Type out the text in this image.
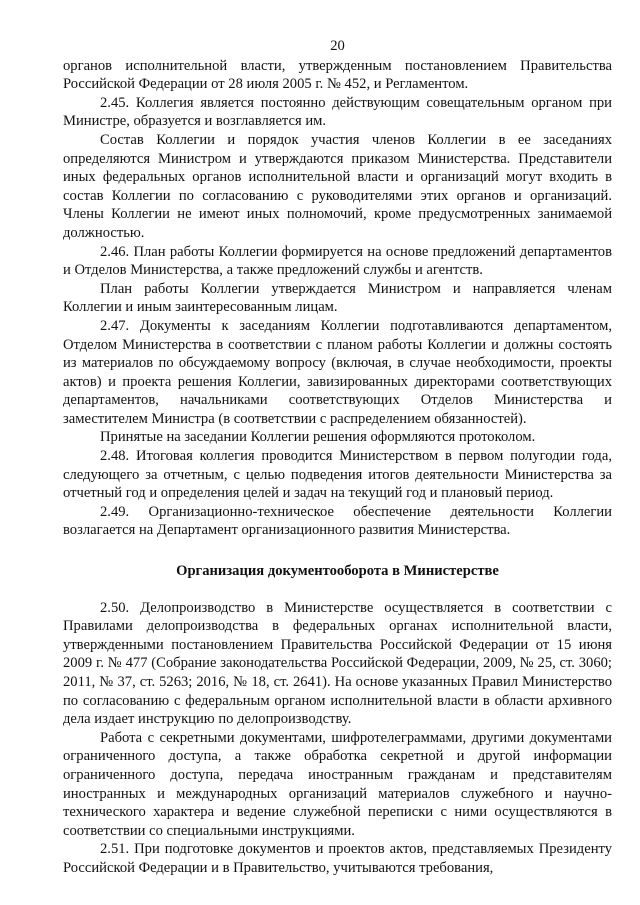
20

органов исполнительной власти, утвержденным постановлением Правительства Российской Федерации от 28 июля 2005 г. № 452, и Регламентом.

2.45. Коллегия является постоянно действующим совещательным органом при Министре, образуется и возглавляется им.

Состав Коллегии и порядок участия членов Коллегии в ее заседаниях определяются Министром и утверждаются приказом Министерства. Представители иных федеральных органов исполнительной власти и организаций могут входить в состав Коллегии по согласованию с руководителями этих органов и организаций. Члены Коллегии не имеют иных полномочий, кроме предусмотренных занимаемой должностью.

2.46. План работы Коллегии формируется на основе предложений департаментов и Отделов Министерства, а также предложений службы и агентств.

План работы Коллегии утверждается Министром и направляется членам Коллегии и иным заинтересованным лицам.

2.47. Документы к заседаниям Коллегии подготавливаются департаментом, Отделом Министерства в соответствии с планом работы Коллегии и должны состоять из материалов по обсуждаемому вопросу (включая, в случае необходимости, проекты актов) и проекта решения Коллегии, завизированных директорами соответствующих департаментов, начальниками соответствующих Отделов Министерства и заместителем Министра (в соответствии с распределением обязанностей).

Принятые на заседании Коллегии решения оформляются протоколом.

2.48. Итоговая коллегия проводится Министерством в первом полугодии года, следующего за отчетным, с целью подведения итогов деятельности Министерства за отчетный год и определения целей и задач на текущий год и плановый период.

2.49. Организационно-техническое обеспечение деятельности Коллегии возлагается на Департамент организационного развития Министерства.

Организация документооборота в Министерстве

2.50. Делопроизводство в Министерстве осуществляется в соответствии с Правилами делопроизводства в федеральных органах исполнительной власти, утвержденными постановлением Правительства Российской Федерации от 15 июня 2009 г. № 477 (Собрание законодательства Российской Федерации, 2009, № 25, ст. 3060; 2011, № 37, ст. 5263; 2016, № 18, ст. 2641). На основе указанных Правил Министерство по согласованию с федеральным органом исполнительной власти в области архивного дела издает инструкцию по делопроизводству.

Работа с секретными документами, шифротелеграммами, другими документами ограниченного доступа, а также обработка секретной и другой информации ограниченного доступа, передача иностранным гражданам и представителям иностранных и международных организаций материалов служебного и научно-технического характера и ведение служебной переписки с ними осуществляются в соответствии со специальными инструкциями.

2.51. При подготовке документов и проектов актов, представляемых Президенту Российской Федерации и в Правительство, учитываются требования,
